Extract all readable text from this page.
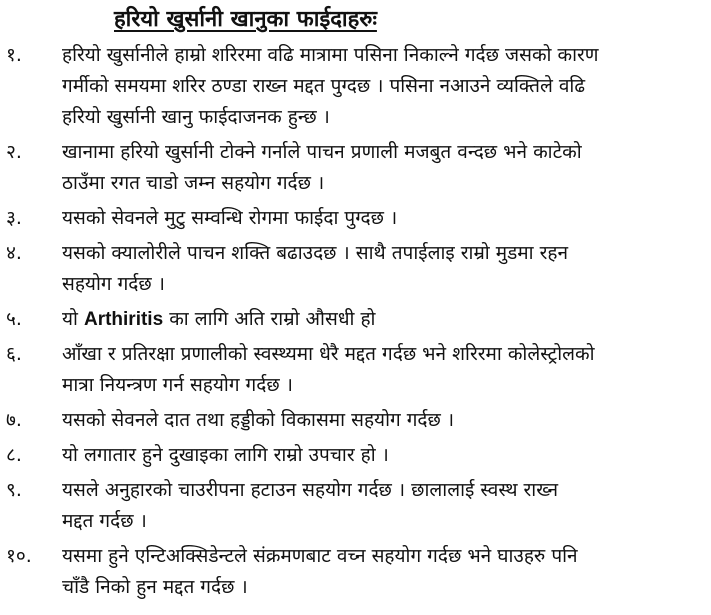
हरियो खुर्सानी खानुका फाईदाहरुः
१. हरियो खुर्सानीले हाम्रो शरिरमा वढि मात्रामा पसिना निकाल्ने गर्दछ जसको कारण
गर्मीको समयमा शरिर ठण्डा राख्न मद्दत पुग्दछ । पसिना नआउने व्यक्तिले वढि
हरियो खुर्सानी खानु फाईदाजनक हुन्छ ।
२. खानामा हरियो खुर्सानी टोक्ने गर्नाले पाचन प्रणाली मजबुत वन्दछ भने काटेको
ठाउँमा रगत चाडो जम्न सहयोग गर्दछ ।
३. यसको सेवनले मुटु सम्वन्धि रोगमा फाईदा पुग्दछ ।
४. यसको क्यालोरीले पाचन शक्ति बढाउदछ । साथै तपाईलाइ राम्रो मुडमा रहन
सहयोग गर्दछ ।
५. यो Arthiritis का लागि अति राम्रो औसधी हो
६. आँखा र प्रतिरक्षा प्रणालीको स्वस्थ्यमा धेरै मद्दत गर्दछ भने शरिरमा कोलेस्ट्रोलको
मात्रा नियन्त्रण गर्न सहयोग गर्दछ ।
७. यसको सेवनले दात तथा हड्डीको विकासमा सहयोग गर्दछ ।
८. यो लगातार हुने दुखाइका लागि राम्रो उपचार हो ।
९. यसले अनुहारको चाउरीपना हटाउन सहयोग गर्दछ । छालालाई स्वस्थ राख्न
मद्दत गर्दछ ।
१०. यसमा हुने एन्टिअक्सिडेन्टले संक्रमणबाट वच्न सहयोग गर्दछ भने घाउहरु पनि
चाँडै निको हुन मद्दत गर्दछ ।
